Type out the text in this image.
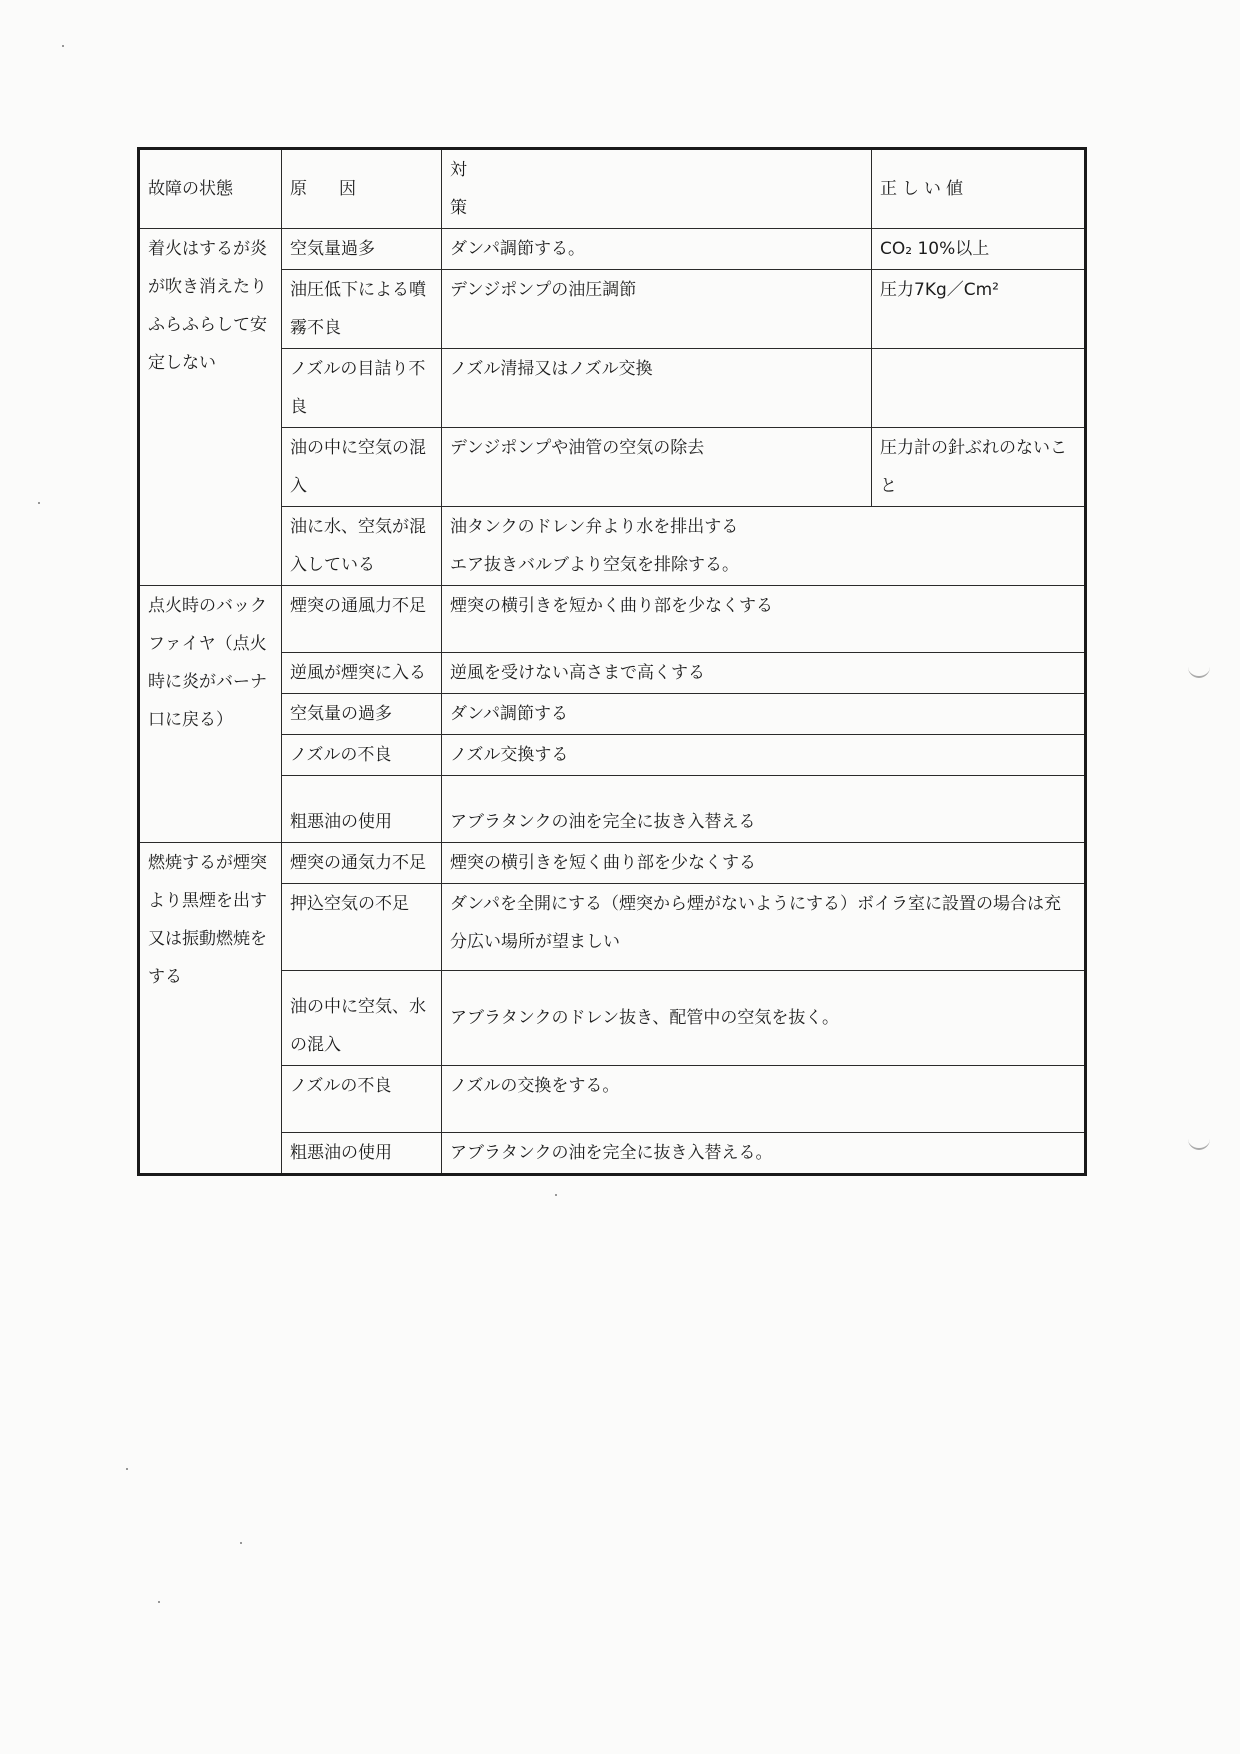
故障の状態	原因	対策	正しい値
着火はするが炎が吹き消えたりふらふらして安定しない	空気量過多	ダンパ調節する。	CO₂ 10%以上
	油圧低下による噴霧不良	デンジポンプの油圧調節	圧力7Kg／Cm²
	ノズルの目詰り不良	ノズル清掃又はノズル交換	
	油の中に空気の混入	デンジポンプや油管の空気の除去	圧力計の針ぶれのないこと
	油に水、空気が混入している	油タンクのドレン弁より水を排出する
エア抜きバルブより空気を排除する。	

点火時のバックファイヤ（点火時に炎がバーナ口に戻る）	煙突の通風力不足	煙突の横引きを短かく曲り部を少なくする	
	逆風が煙突に入る	逆風を受けない高さまで高くする	
	空気量の過多	ダンパ調節する	
	ノズルの不良	ノズル交換する	
	粗悪油の使用	アブラタンクの油を完全に抜き入替える	
燃焼するが煙突より黒煙を出す又は振動燃焼をする	煙突の通気力不足	煙突の横引きを短く曲り部を少なくする	
	押込空気の不足	ダンパを全開にする（煙突から煙がないようにする）ボイラ室に設置の場合は充分広い場所が望ましい	
	油の中に空気、水の混入	アブラタンクのドレン抜き、配管中の空気を抜く。	
	ノズルの不良	ノズルの交換をする。	
	粗悪油の使用	アブラタンクの油を完全に抜き入替える。	
